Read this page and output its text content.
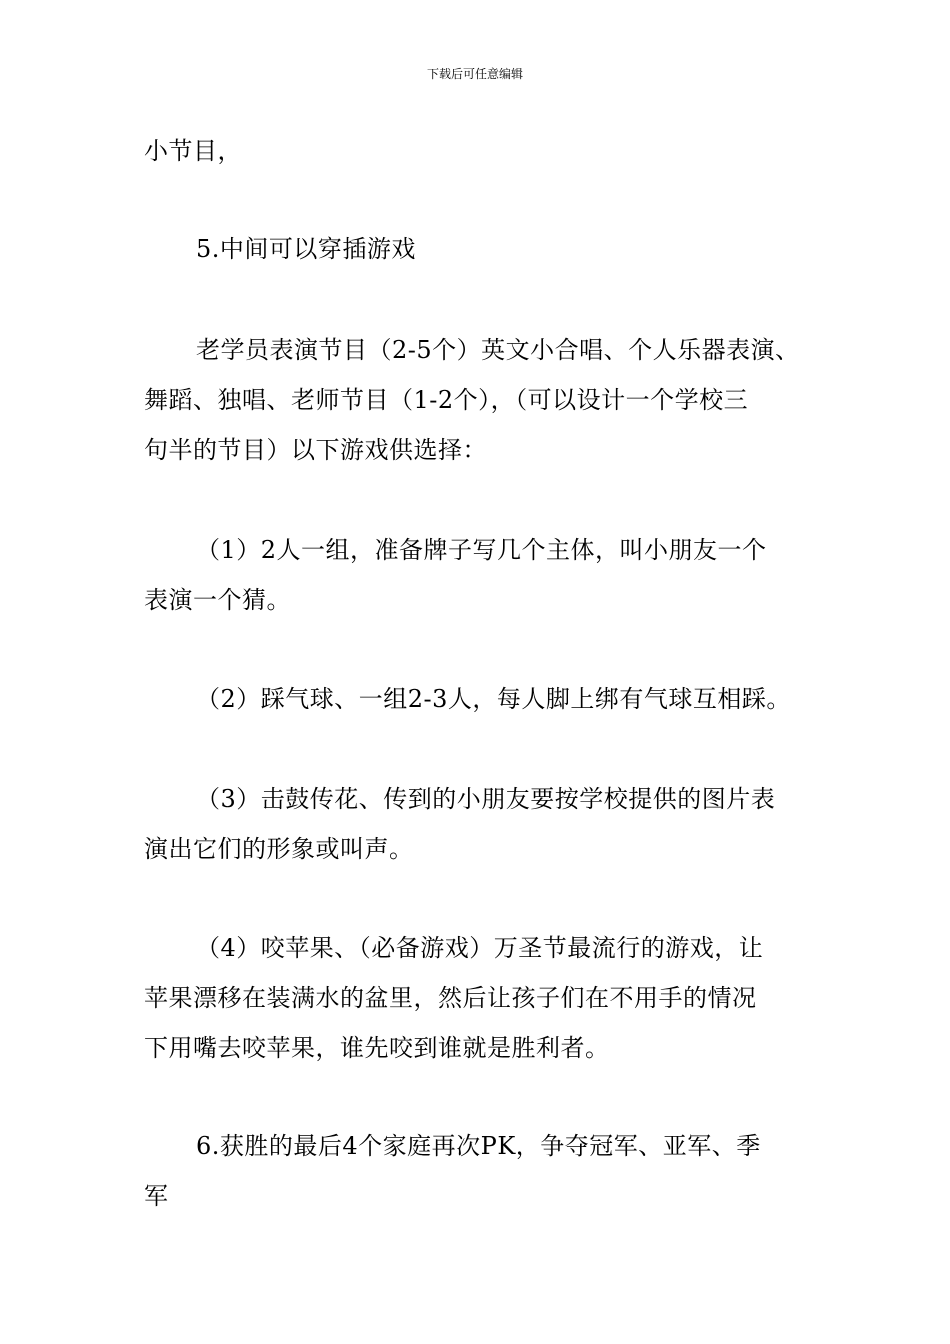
下载后可任意编辑
小节目，
5.中间可以穿插游戏
老学员表演节目（2-5个）英文小合唱、个人乐器表演、
舞蹈、独唱、老师节目（1-2个），（可以设计一个学校三
句半的节目）以下游戏供选择：
（1）2人一组，准备牌子写几个主体，叫小朋友一个
表演一个猜。
（2）踩气球、一组2-3人，每人脚上绑有气球互相踩。
（3）击鼓传花、传到的小朋友要按学校提供的图片表
演出它们的形象或叫声。
（4）咬苹果、（必备游戏）万圣节最流行的游戏，让
苹果漂移在装满水的盆里，然后让孩子们在不用手的情况
下用嘴去咬苹果，谁先咬到谁就是胜利者。
6.获胜的最后4个家庭再次PK，争夺冠军、亚军、季
军
